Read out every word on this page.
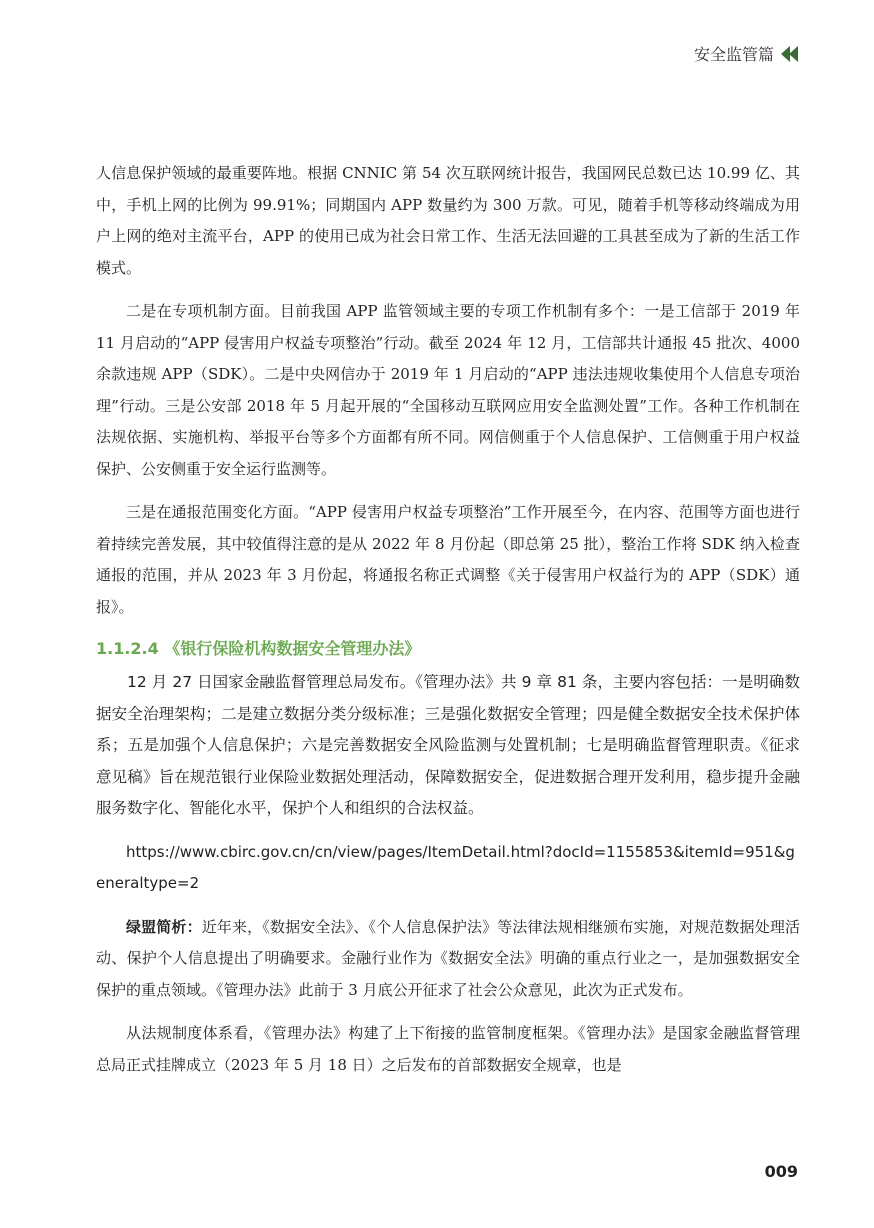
安全监管篇

人信息保护领域的最重要阵地。根据 CNNIC 第 54 次互联网统计报告，我国网民总数已达 10.99 亿、其中，手机上网的比例为 99.91%；同期国内 APP 数量约为 300 万款。可见，随着手机等移动终端成为用户上网的绝对主流平台，APP 的使用已成为社会日常工作、生活无法回避的工具甚至成为了新的生活工作模式。

二是在专项机制方面。目前我国 APP 监管领域主要的专项工作机制有多个：一是工信部于 2019 年 11 月启动的“APP 侵害用户权益专项整治”行动。截至 2024 年 12 月，工信部共计通报 45 批次、4000 余款违规 APP（SDK）。二是中央网信办于 2019 年 1 月启动的“APP 违法违规收集使用个人信息专项治理”行动。三是公安部 2018 年 5 月起开展的“全国移动互联网应用安全监测处置”工作。各种工作机制在法规依据、实施机构、举报平台等多个方面都有所不同。网信侧重于个人信息保护、工信侧重于用户权益保护、公安侧重于安全运行监测等。

三是在通报范围变化方面。“APP 侵害用户权益专项整治”工作开展至今，在内容、范围等方面也进行着持续完善发展，其中较值得注意的是从 2022 年 8 月份起（即总第 25 批），整治工作将 SDK 纳入检查通报的范围，并从 2023 年 3 月份起，将通报名称正式调整《关于侵害用户权益行为的 APP（SDK）通报》。

1.1.2.4 《银行保险机构数据安全管理办法》

12 月 27 日国家金融监督管理总局发布。《管理办法》共 9 章 81 条，主要内容包括：一是明确数据安全治理架构；二是建立数据分类分级标准；三是强化数据安全管理；四是健全数据安全技术保护体系；五是加强个人信息保护；六是完善数据安全风险监测与处置机制；七是明确监督管理职责。《征求意见稿》旨在规范银行业保险业数据处理活动，保障数据安全，促进数据合理开发利用，稳步提升金融服务数字化、智能化水平，保护个人和组织的合法权益。

https://www.cbirc.gov.cn/cn/view/pages/ItemDetail.html?docId=1155853&itemId=951&generaltype=2

绿盟简析：近年来，《数据安全法》、《个人信息保护法》等法律法规相继颁布实施，对规范数据处理活动、保护个人信息提出了明确要求。金融行业作为《数据安全法》明确的重点行业之一，是加强数据安全保护的重点领域。《管理办法》此前于 3 月底公开征求了社会公众意见，此次为正式发布。

从法规制度体系看，《管理办法》构建了上下衔接的监管制度框架。《管理办法》是国家金融监督管理总局正式挂牌成立（2023 年 5 月 18 日）之后发布的首部数据安全规章，也是

009
